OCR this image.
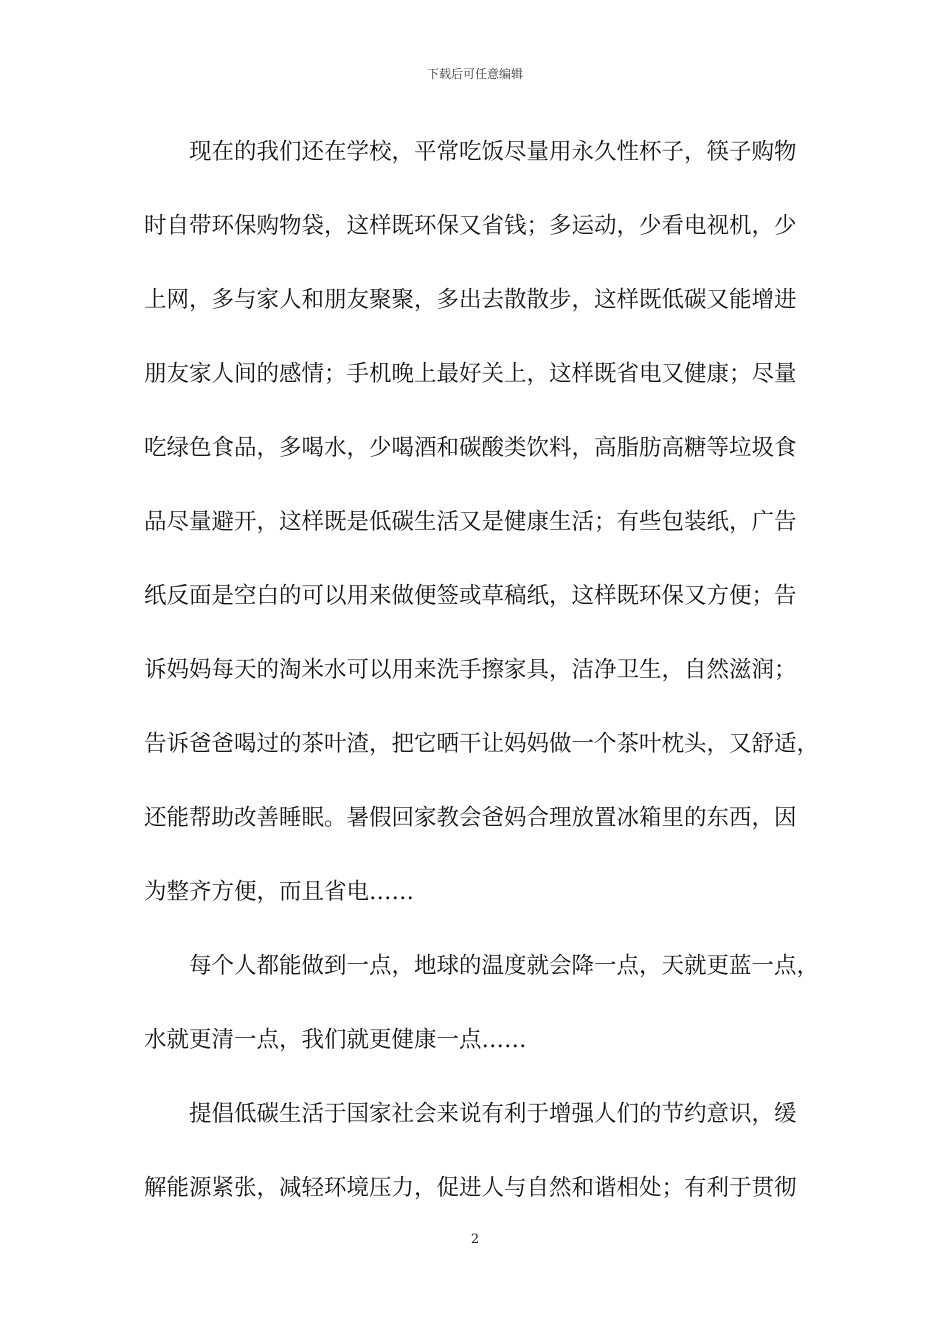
下载后可任意编辑
　　现在的我们还在学校，平常吃饭尽量用永久性杯子，筷子购物
时自带环保购物袋，这样既环保又省钱；多运动，少看电视机，少
上网，多与家人和朋友聚聚，多出去散散步，这样既低碳又能增进
朋友家人间的感情；手机晚上最好关上，这样既省电又健康；尽量
吃绿色食品，多喝水，少喝酒和碳酸类饮料，高脂肪高糖等垃圾食
品尽量避开，这样既是低碳生活又是健康生活；有些包装纸，广告
纸反面是空白的可以用来做便签或草稿纸，这样既环保又方便；告
诉妈妈每天的淘米水可以用来洗手擦家具，洁净卫生，自然滋润；
告诉爸爸喝过的茶叶渣，把它晒干让妈妈做一个茶叶枕头，又舒适，
还能帮助改善睡眠。暑假回家教会爸妈合理放置冰箱里的东西，因
为整齐方便，而且省电……
　　每个人都能做到一点，地球的温度就会降一点，天就更蓝一点，
水就更清一点，我们就更健康一点……
　　提倡低碳生活于国家社会来说有利于增强人们的节约意识，缓
解能源紧张，减轻环境压力，促进人与自然和谐相处；有利于贯彻
2
